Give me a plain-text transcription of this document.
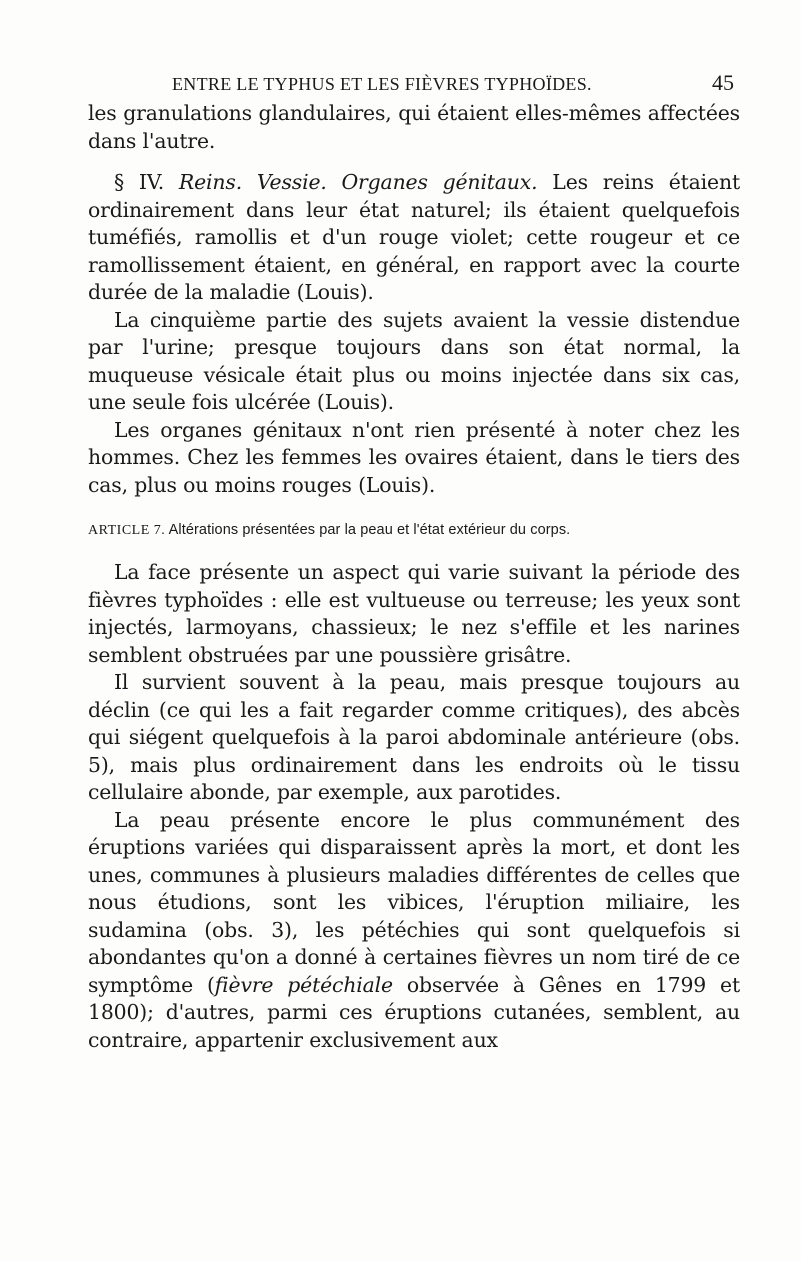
ENTRE LE TYPHUS ET LES FIÈVRES TYPHOÏDES.	45

les granulations glandulaires, qui étaient elles-mêmes affectées dans l'autre.

§ IV. Reins. Vessie. Organes génitaux. Les reins étaient ordinairement dans leur état naturel; ils étaient quelquefois tuméfiés, ramollis et d'un rouge violet; cette rougeur et ce ramollissement étaient, en général, en rapport avec la courte durée de la maladie (Louis).

La cinquième partie des sujets avaient la vessie distendue par l'urine; presque toujours dans son état normal, la muqueuse vésicale était plus ou moins injectée dans six cas, une seule fois ulcérée (Louis).

Les organes génitaux n'ont rien présenté à noter chez les hommes. Chez les femmes les ovaires étaient, dans le tiers des cas, plus ou moins rouges (Louis).

ARTICLE 7. Altérations présentées par la peau et l'état extérieur du corps.

La face présente un aspect qui varie suivant la période des fièvres typhoïdes : elle est vultueuse ou terreuse; les yeux sont injectés, larmoyans, chassieux; le nez s'effile et les narines semblent obstruées par une poussière grisâtre.

Il survient souvent à la peau, mais presque toujours au déclin (ce qui les a fait regarder comme critiques), des abcès qui siégent quelquefois à la paroi abdominale antérieure (obs. 5), mais plus ordinairement dans les endroits où le tissu cellulaire abonde, par exemple, aux parotides.

La peau présente encore le plus communément des éruptions variées qui disparaissent après la mort, et dont les unes, communes à plusieurs maladies différentes de celles que nous étudions, sont les vibices, l'éruption miliaire, les sudamina (obs. 3), les pétéchies qui sont quelquefois si abondantes qu'on a donné à certaines fièvres un nom tiré de ce symptôme (fièvre pétéchiale observée à Gênes en 1799 et 1800); d'autres, parmi ces éruptions cutanées, semblent, au contraire, appartenir exclusivement aux
